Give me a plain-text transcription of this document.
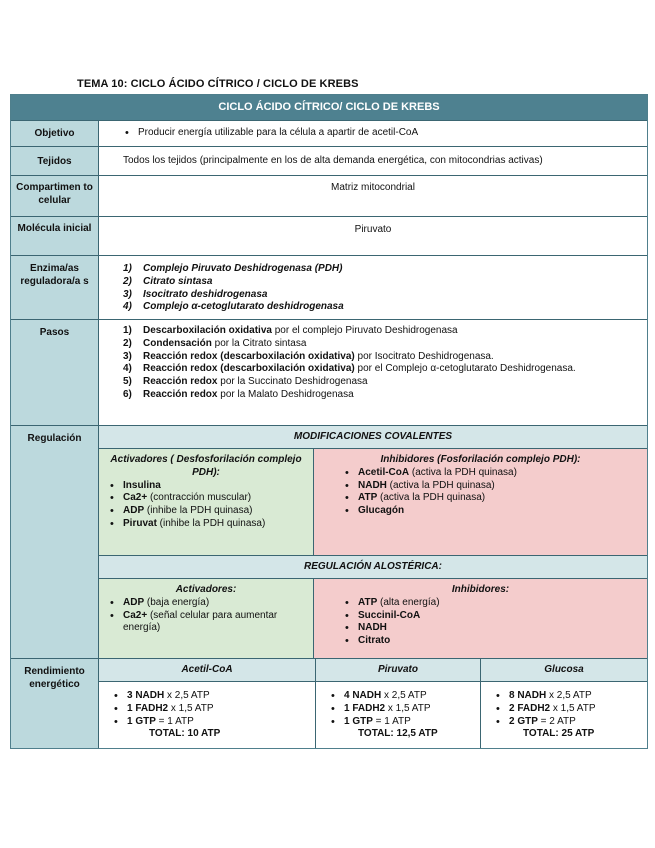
TEMA 10: CICLO ÁCIDO CÍTRICO / CICLO DE KREBS
CICLO ÁCIDO CÍTRICO/ CICLO DE KREBS
Objetivo
•	Producir energía utilizable para la célula a apartir de acetil-CoA
Tejidos	Todos los tejidos (principalmente en los de alta demanda energética, con mitocondrias activas)
Compartimen to celular
Matriz mitocondrial
Molécula inicial	Piruvato
Enzima/as reguladora/a s
1)	Complejo Piruvato Deshidrogenasa (PDH)
2)	Citrato sintasa
3)	Isocitrato deshidrogenasa
4)	Complejo α-cetoglutarato deshidrogenasa
Pasos	1)	Descarboxilación oxidativa por el complejo Piruvato Deshidrogenasa
2)	Condensación por la Citrato sintasa
3)	Reacción redox (descarboxilación oxidativa) por Isocitrato Deshidrogenasa.
4)	Reacción redox (descarboxilación oxidativa) por el Complejo α-cetoglutarato Deshidrogenasa.
5)	Reacción redox por la Succinato Deshidrogenasa
6)	Reacción redox por la Malato Deshidrogenasa
Regulación	MODIFICACIONES COVALENTES
Activadores ( Desfosforilación complejo PDH):
• Insulina
• Ca2+ (contracción muscular)
• ADP (inhibe la PDH quinasa)
• Piruvat (inhibe la PDH quinasa)
Inhibidores (Fosforilación complejo PDH):
• Acetil-CoA (activa la PDH quinasa)
• NADH (activa la PDH quinasa)
• ATP (activa la PDH quinasa)
• Glucagón
REGULACIÓN ALOSTÉRICA:
Activadores:
• ADP (baja energía)
• Ca2+ (señal celular para aumentar energía)
Inhibidores:
• ATP (alta energía)
• Succinil-CoA
• NADH
• Citrato
Rendimiento energético
Acetil-CoA
• 3 NADH x 2,5 ATP
• 1 FADH2 x 1,5 ATP
• 1 GTP = 1 ATP
TOTAL: 10 ATP
Piruvato
• 4 NADH x 2,5 ATP
• 1 FADH2 x 1,5 ATP
• 1 GTP = 1 ATP
TOTAL: 12,5 ATP
Glucosa
• 8 NADH x 2,5 ATP
• 2 FADH2 x 1,5 ATP
• 2 GTP = 2 ATP
TOTAL: 25 ATP
